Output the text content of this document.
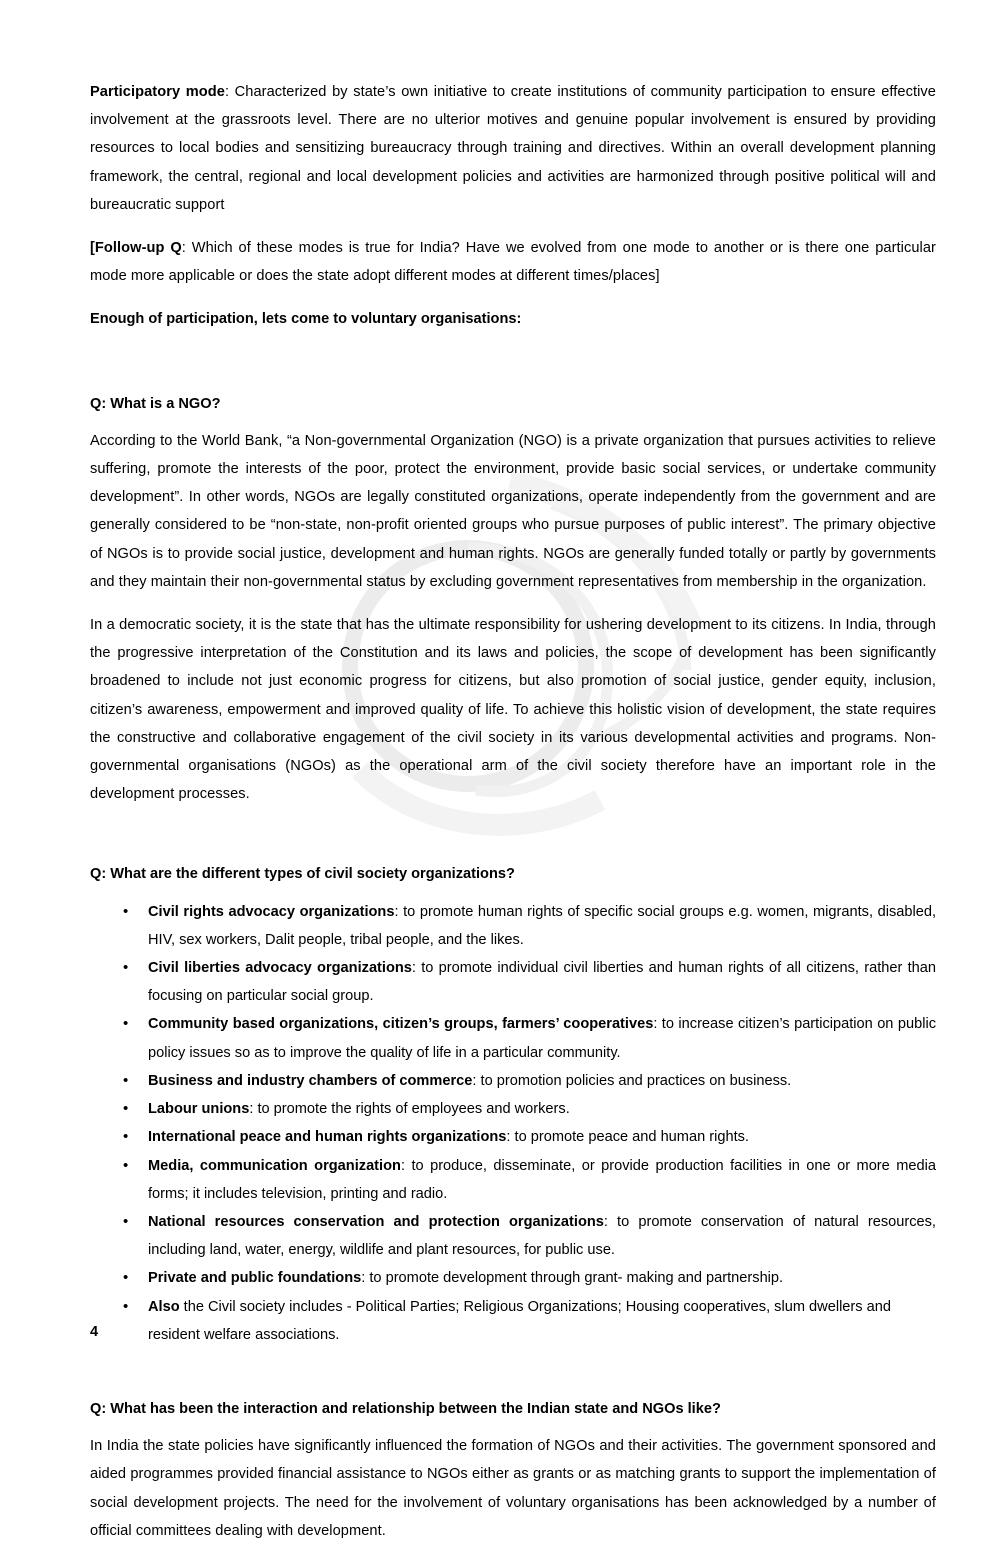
Participatory mode: Characterized by state’s own initiative to create institutions of community participation to ensure effective involvement at the grassroots level. There are no ulterior motives and genuine popular involvement is ensured by providing resources to local bodies and sensitizing bureaucracy through training and directives. Within an overall development planning framework, the central, regional and local development policies and activities are harmonized through positive political will and bureaucratic support

[Follow-up Q: Which of these modes is true for India? Have we evolved from one mode to another or is there one particular mode more applicable or does the state adopt different modes at different times/places]

Enough of participation, lets come to voluntary organisations:

Q: What is a NGO?

According to the World Bank, “a Non-governmental Organization (NGO) is a private organization that pursues activities to relieve suffering, promote the interests of the poor, protect the environment, provide basic social services, or undertake community development”. In other words, NGOs are legally constituted organizations, operate independently from the government and are generally considered to be “non-state, non-profit oriented groups who pursue purposes of public interest”. The primary objective of NGOs is to provide social justice, development and human rights. NGOs are generally funded totally or partly by governments and they maintain their non-governmental status by excluding government representatives from membership in the organization.

In a democratic society, it is the state that has the ultimate responsibility for ushering development to its citizens. In India, through the progressive interpretation of the Constitution and its laws and policies, the scope of development has been significantly broadened to include not just economic progress for citizens, but also promotion of social justice, gender equity, inclusion, citizen’s awareness, empowerment and improved quality of life. To achieve this holistic vision of development, the state requires the constructive and collaborative engagement of the civil society in its various developmental activities and programs. Non-governmental organisations (NGOs) as the operational arm of the civil society therefore have an important role in the development processes.

Q: What are the different types of civil society organizations?

• Civil rights advocacy organizations: to promote human rights of specific social groups e.g. women, migrants, disabled, HIV, sex workers, Dalit people, tribal people, and the likes.
• Civil liberties advocacy organizations: to promote individual civil liberties and human rights of all citizens, rather than focusing on particular social group.
• Community based organizations, citizen’s groups, farmers’ cooperatives: to increase citizen’s participation on public policy issues so as to improve the quality of life in a particular community.
• Business and industry chambers of commerce: to promotion policies and practices on business.
• Labour unions: to promote the rights of employees and workers.
• International peace and human rights organizations: to promote peace and human rights.
• Media, communication organization: to produce, disseminate, or provide production facilities in one or more media forms; it includes television, printing and radio.
• National resources conservation and protection organizations: to promote conservation of natural resources, including land, water, energy, wildlife and plant resources, for public use.
• Private and public foundations: to promote development through grant- making and partnership.
• Also the Civil society includes - Political Parties; Religious Organizations; Housing cooperatives, slum dwellers and resident welfare associations.

Q: What has been the interaction and relationship between the Indian state and NGOs like?

In India the state policies have significantly influenced the formation of NGOs and their activities. The government sponsored and aided programmes provided financial assistance to NGOs either as grants or as matching grants to support the implementation of social development projects. The need for the involvement of voluntary organisations has been acknowledged by a number of official committees dealing with development.

4
